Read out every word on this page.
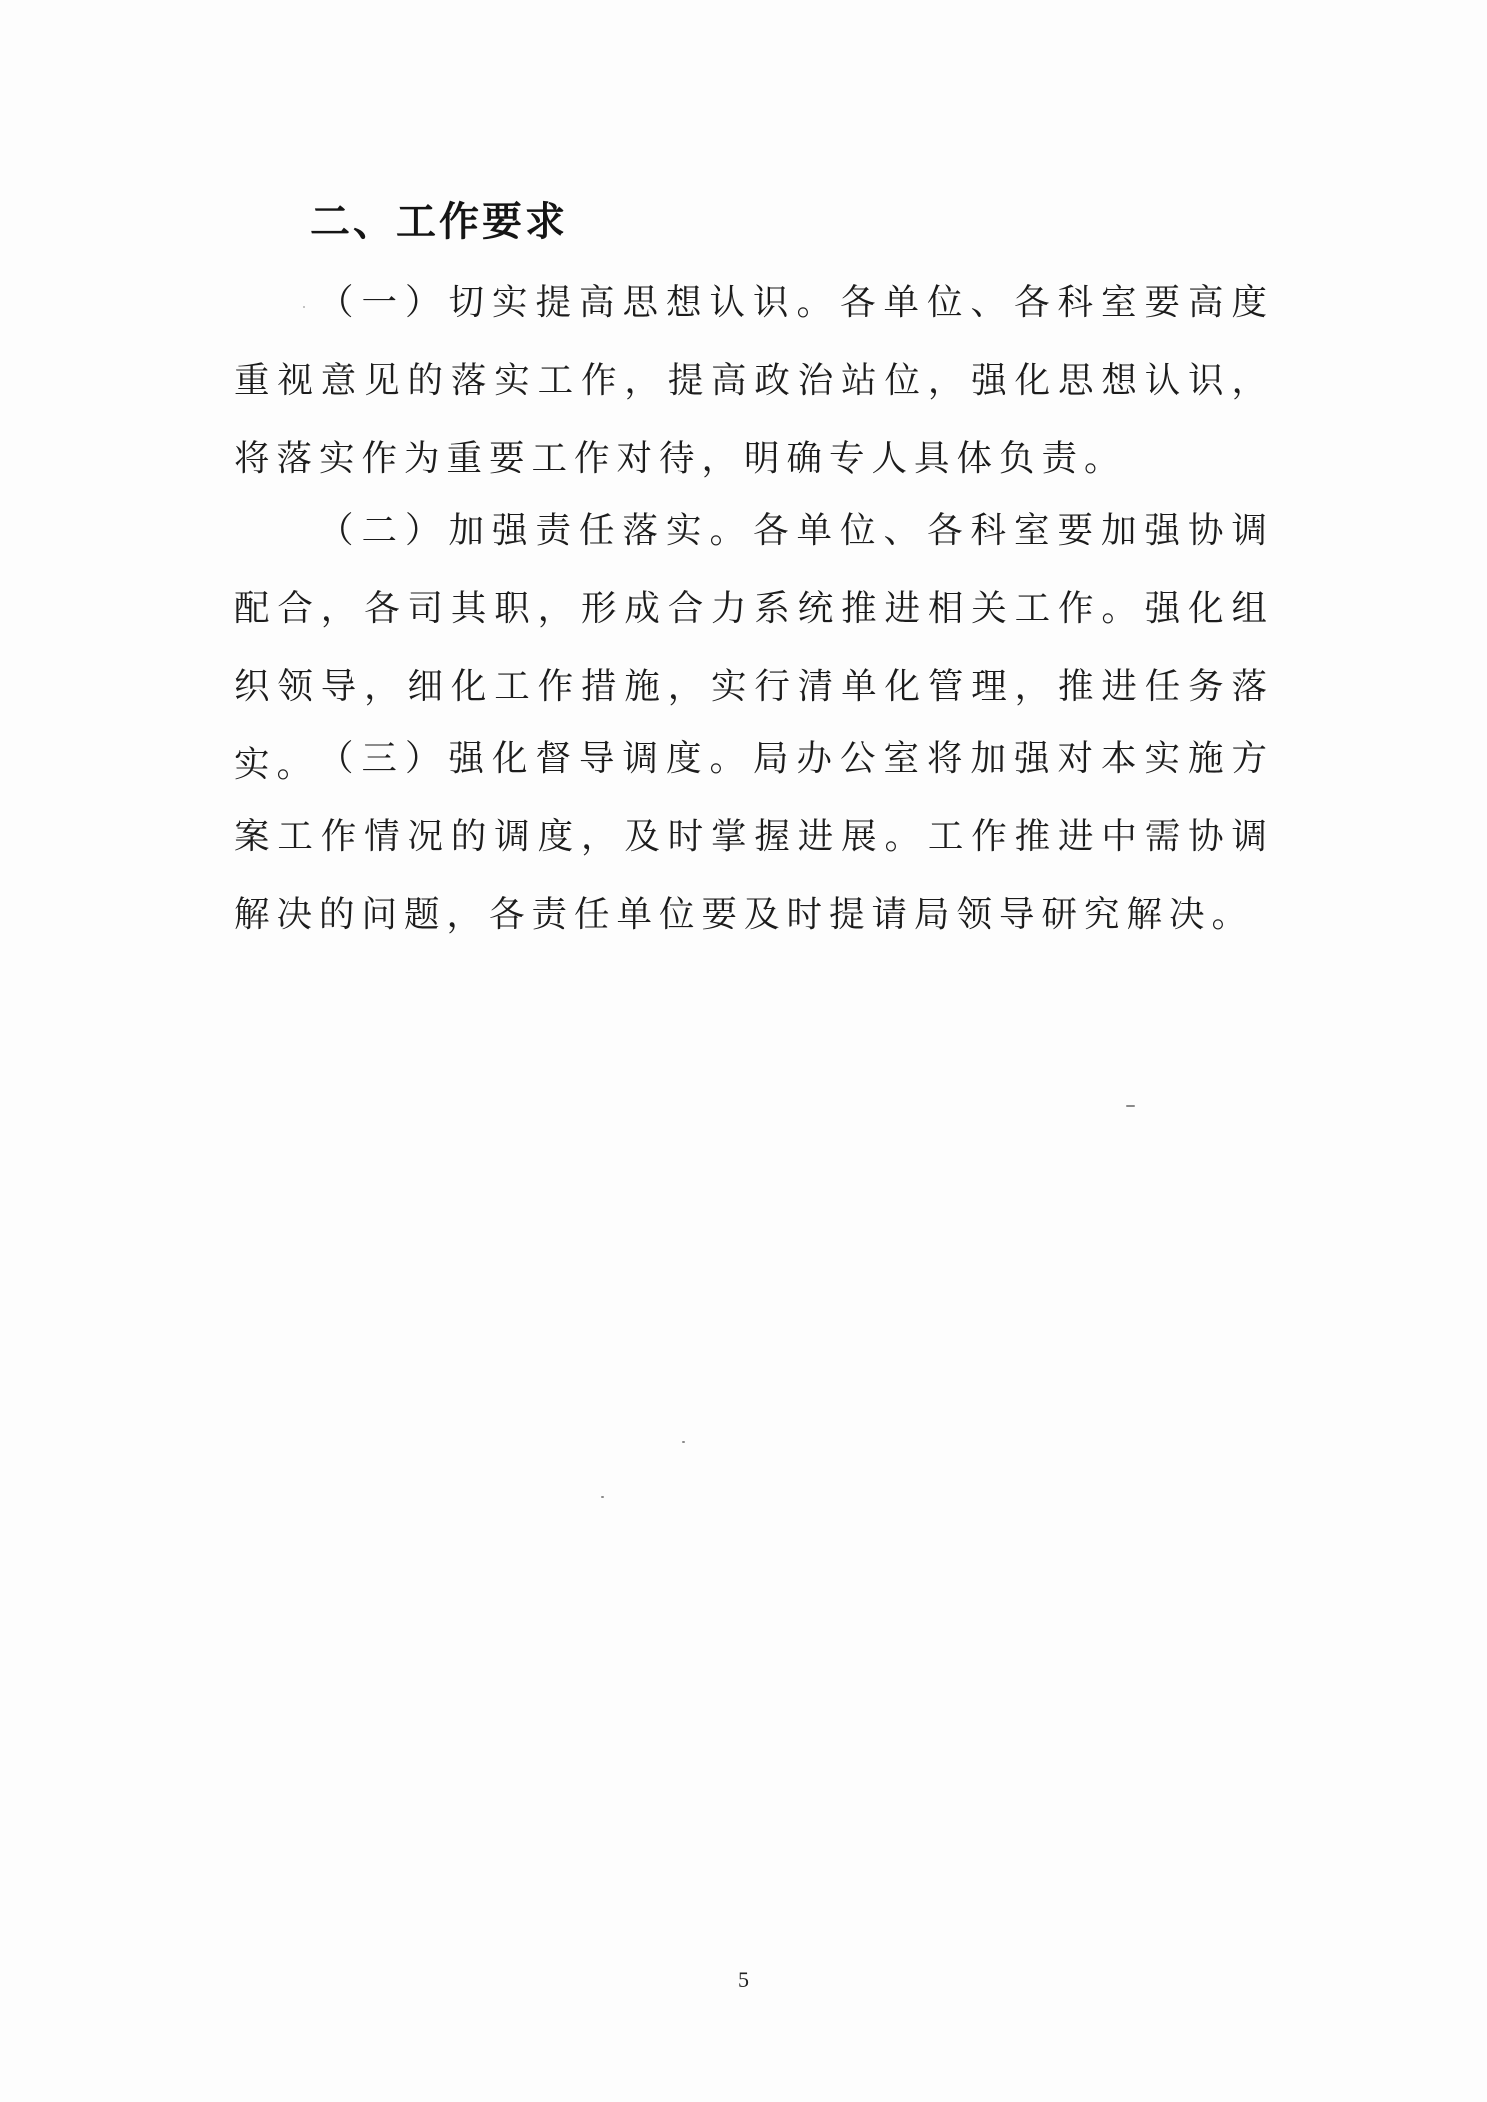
二、工作要求

（一）切实提高思想认识。各单位、各科室要高度重视意见的落实工作，提高政治站位，强化思想认识，将落实作为重要工作对待，明确专人具体负责。

（二）加强责任落实。各单位、各科室要加强协调配合，各司其职，形成合力系统推进相关工作。强化组织领导，细化工作措施，实行清单化管理，推进任务落实。

（三）强化督导调度。局办公室将加强对本实施方案工作情况的调度，及时掌握进展。工作推进中需协调解决的问题，各责任单位要及时提请局领导研究解决。

5
